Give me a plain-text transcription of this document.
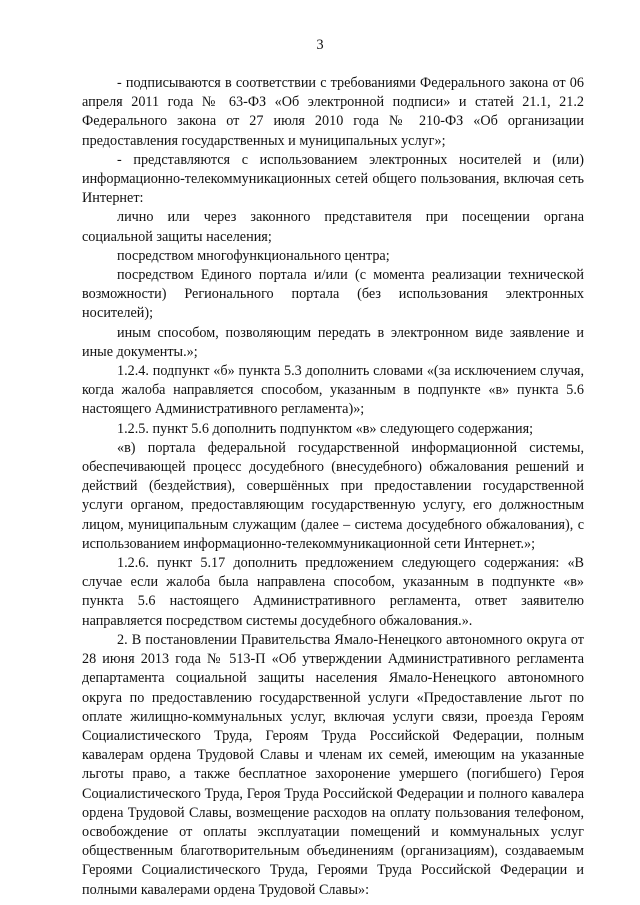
3

- подписываются в соответствии с требованиями Федерального закона от 06 апреля 2011 года № 63-ФЗ «Об электронной подписи» и статей 21.1, 21.2 Федерального закона от 27 июля 2010 года № 210-ФЗ «Об организации предоставления государственных и муниципальных услуг»;

- представляются с использованием электронных носителей и (или) информационно-телекоммуникационных сетей общего пользования, включая сеть Интернет:

лично или через законного представителя при посещении органа социальной защиты населения;

посредством многофункционального центра;

посредством Единого портала и/или (с момента реализации технической возможности) Регионального портала (без использования электронных носителей);

иным способом, позволяющим передать в электронном виде заявление и иные документы.»;

1.2.4. подпункт «б» пункта 5.3 дополнить словами «(за исключением случая, когда жалоба направляется способом, указанным в подпункте «в» пункта 5.6 настоящего Административного регламента)»;

1.2.5. пункт 5.6 дополнить подпунктом «в» следующего содержания;

«в) портала федеральной государственной информационной системы, обеспечивающей процесс досудебного (внесудебного) обжалования решений и действий (бездействия), совершённых при предоставлении государственной услуги органом, предоставляющим государственную услугу, его должностным лицом, муниципальным служащим (далее – система досудебного обжалования), с использованием информационно-телекоммуникационной сети Интернет.»;

1.2.6. пункт 5.17 дополнить предложением следующего содержания: «В случае если жалоба была направлена способом, указанным в подпункте «в» пункта 5.6 настоящего Административного регламента, ответ заявителю направляется посредством системы досудебного обжалования.».

2. В постановлении Правительства Ямало-Ненецкого автономного округа от 28 июня 2013 года № 513-П «Об утверждении Административного регламента департамента социальной защиты населения Ямало-Ненецкого автономного округа по предоставлению государственной услуги «Предоставление льгот по оплате жилищно-коммунальных услуг, включая услуги связи, проезда Героям Социалистического Труда, Героям Труда Российской Федерации, полным кавалерам ордена Трудовой Славы и членам их семей, имеющим на указанные льготы право, а также бесплатное захоронение умершего (погибшего) Героя Социалистического Труда, Героя Труда Российской Федерации и полного кавалера ордена Трудовой Славы, возмещение расходов на оплату пользования телефоном, освобождение от оплаты эксплуатации помещений и коммунальных услуг общественным благотворительным объединениям (организациям), создаваемым Героями Социалистического Труда, Героями Труда Российской Федерации и полными кавалерами ордена Трудовой Славы»:
